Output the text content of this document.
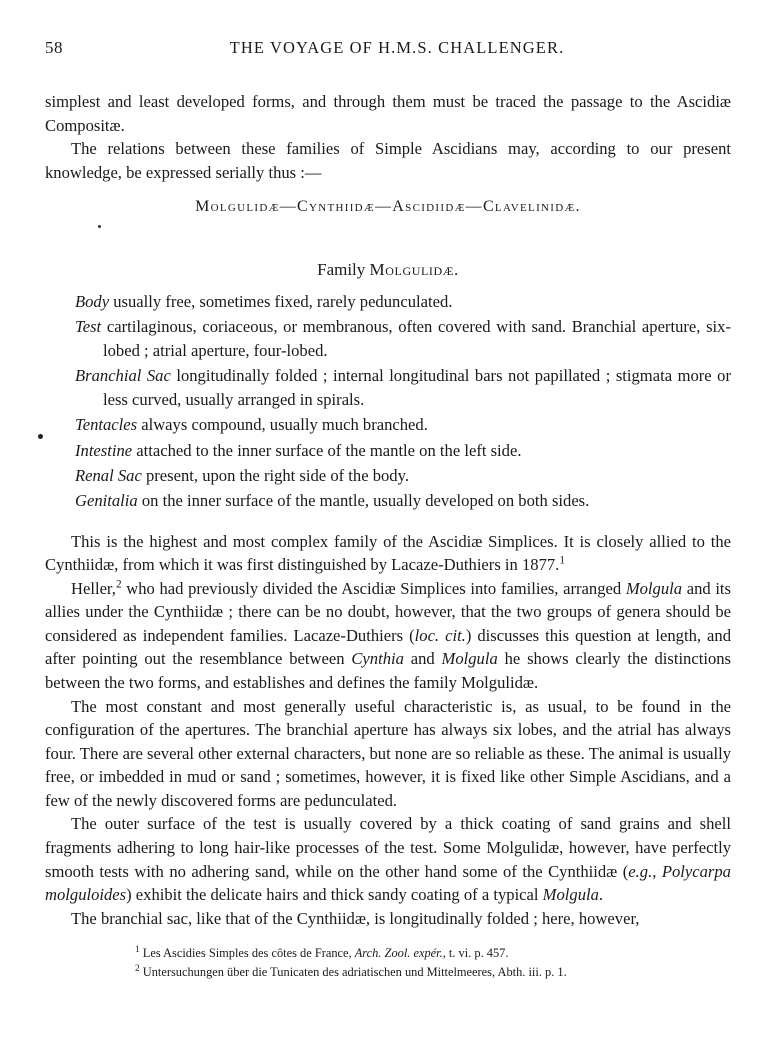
58	THE VOYAGE OF H.M.S. CHALLENGER.

simplest and least developed forms, and through them must be traced the passage to the Ascidiæ Compositæ.

The relations between these families of Simple Ascidians may, according to our present knowledge, be expressed serially thus :—

Molgulidæ—Cynthiidæ—Ascidiidæ—Clavelinidæ.
Family Molgulidæ.
Body usually free, sometimes fixed, rarely pedunculated.
Test cartilaginous, coriaceous, or membranous, often covered with sand. Branchial aperture, six-lobed ; atrial aperture, four-lobed.
Branchial Sac longitudinally folded ; internal longitudinal bars not papillated ; stigmata more or less curved, usually arranged in spirals.
Tentacles always compound, usually much branched.
Intestine attached to the inner surface of the mantle on the left side.
Renal Sac present, upon the right side of the body.
Genitalia on the inner surface of the mantle, usually developed on both sides.

This is the highest and most complex family of the Ascidiæ Simplices. It is closely allied to the Cynthiidæ, from which it was first distinguished by Lacaze-Duthiers in 1877.$^1$

Heller,$^2$ who had previously divided the Ascidiæ Simplices into families, arranged Molgula and its allies under the Cynthiidæ ; there can be no doubt, however, that the two groups of genera should be considered as independent families. Lacaze-Duthiers (loc. cit.) discusses this question at length, and after pointing out the resemblance between Cynthia and Molgula he shows clearly the distinctions between the two forms, and establishes and defines the family Molgulidæ.

The most constant and most generally useful characteristic is, as usual, to be found in the configuration of the apertures. The branchial aperture has always six lobes, and the atrial has always four. There are several other external characters, but none are so reliable as these. The animal is usually free, or imbedded in mud or sand ; sometimes, however, it is fixed like other Simple Ascidians, and a few of the newly discovered forms are pedunculated.

The outer surface of the test is usually covered by a thick coating of sand grains and shell fragments adhering to long hair-like processes of the test. Some Molgulidæ, however, have perfectly smooth tests with no adhering sand, while on the other hand some of the Cynthiidæ (e.g., Polycarpa molguloides) exhibit the delicate hairs and thick sandy coating of a typical Molgula.

The branchial sac, like that of the Cynthiidæ, is longitudinally folded ; here, however,

$^1$ Les Ascidies Simples des côtes de France, Arch. Zool. expér., t. vi. p. 457.
$^2$ Untersuchungen über die Tunicaten des adriatischen und Mittelmeeres, Abth. iii. p. 1.
